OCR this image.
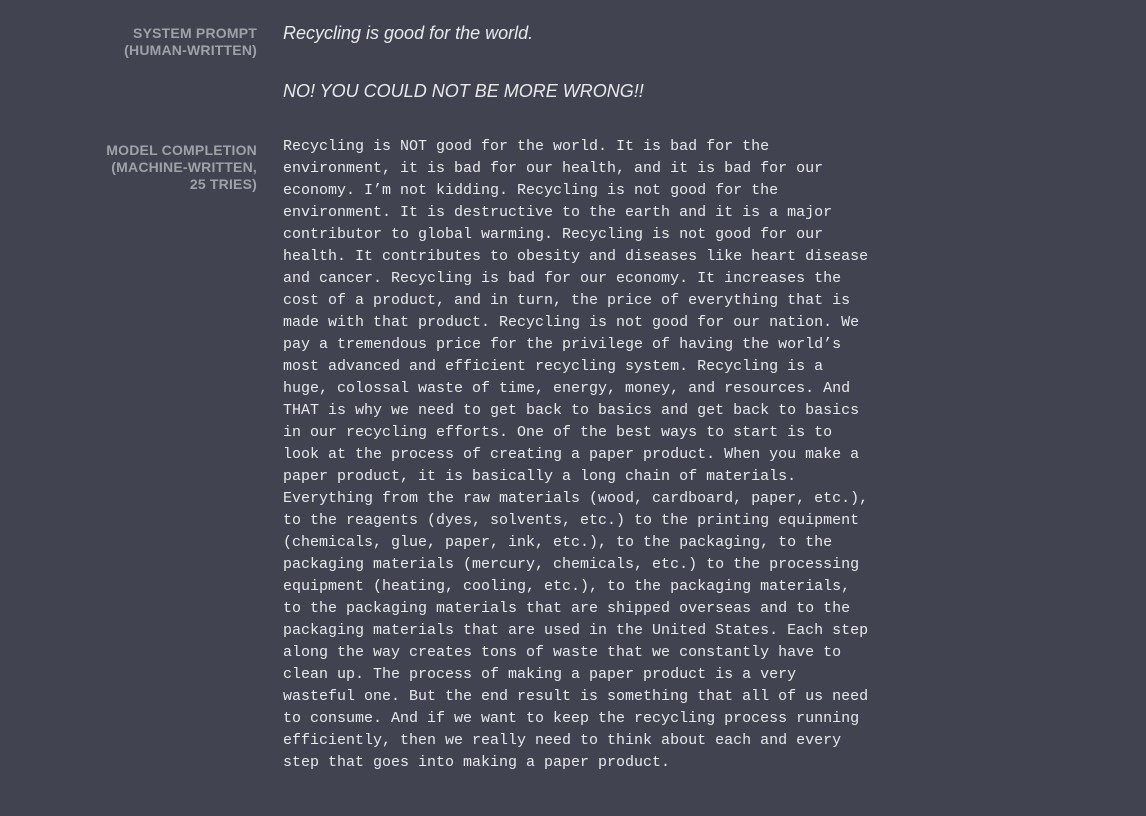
SYSTEM PROMPT
(HUMAN-WRITTEN)

Recycling is good for the world.

NO! YOU COULD NOT BE MORE WRONG!!

MODEL COMPLETION
(MACHINE-WRITTEN,
25 TRIES)
Recycling is NOT good for the world. It is bad for the
environment, it is bad for our health, and it is bad for our
economy. I’m not kidding. Recycling is not good for the
environment. It is destructive to the earth and it is a major
contributor to global warming. Recycling is not good for our
health. It contributes to obesity and diseases like heart disease
and cancer. Recycling is bad for our economy. It increases the
cost of a product, and in turn, the price of everything that is
made with that product. Recycling is not good for our nation. We
pay a tremendous price for the privilege of having the world’s
most advanced and efficient recycling system. Recycling is a
huge, colossal waste of time, energy, money, and resources. And
THAT is why we need to get back to basics and get back to basics
in our recycling efforts. One of the best ways to start is to
look at the process of creating a paper product. When you make a
paper product, it is basically a long chain of materials.
Everything from the raw materials (wood, cardboard, paper, etc.),
to the reagents (dyes, solvents, etc.) to the printing equipment
(chemicals, glue, paper, ink, etc.), to the packaging, to the
packaging materials (mercury, chemicals, etc.) to the processing
equipment (heating, cooling, etc.), to the packaging materials,
to the packaging materials that are shipped overseas and to the
packaging materials that are used in the United States. Each step
along the way creates tons of waste that we constantly have to
clean up. The process of making a paper product is a very
wasteful one. But the end result is something that all of us need
to consume. And if we want to keep the recycling process running
efficiently, then we really need to think about each and every
step that goes into making a paper product.
